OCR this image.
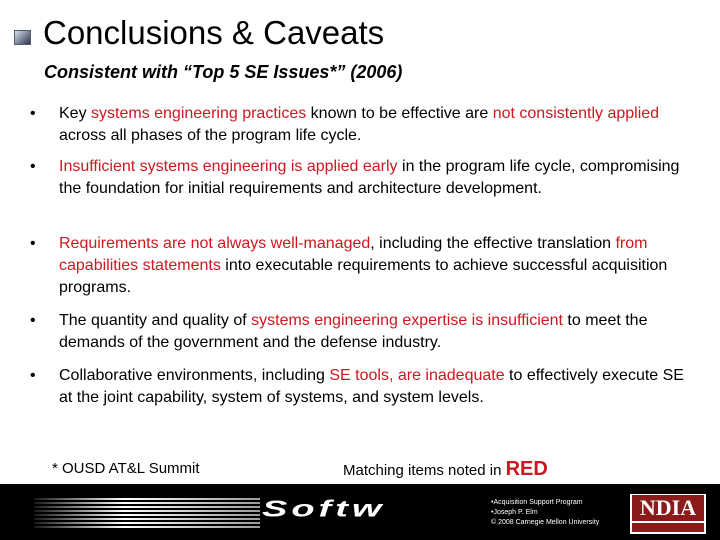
Conclusions & Caveats
Consistent with “Top 5 SE Issues*” (2006)
•	Key systems engineering practices known to be effective are not consistently applied across all phases of the program life cycle.
•	Insufficient systems engineering is applied early in the program life cycle, compromising the foundation for initial requirements and architecture development.
•	Requirements are not always well-managed, including the effective translation from capabilities statements into executable requirements to achieve successful acquisition programs.
•	The quantity and quality of systems engineering expertise is insufficient to meet the demands of the government and the defense industry.
•	Collaborative environments, including SE tools, are inadequate to effectively execute SE at the joint capability, system of systems, and system levels.
* OUSD AT&L Summit	Matching items noted in RED
Softw	•Acquisition Support Program
•Joseph P. Elm
© 2008 Carnegie Mellon University
NDIA
